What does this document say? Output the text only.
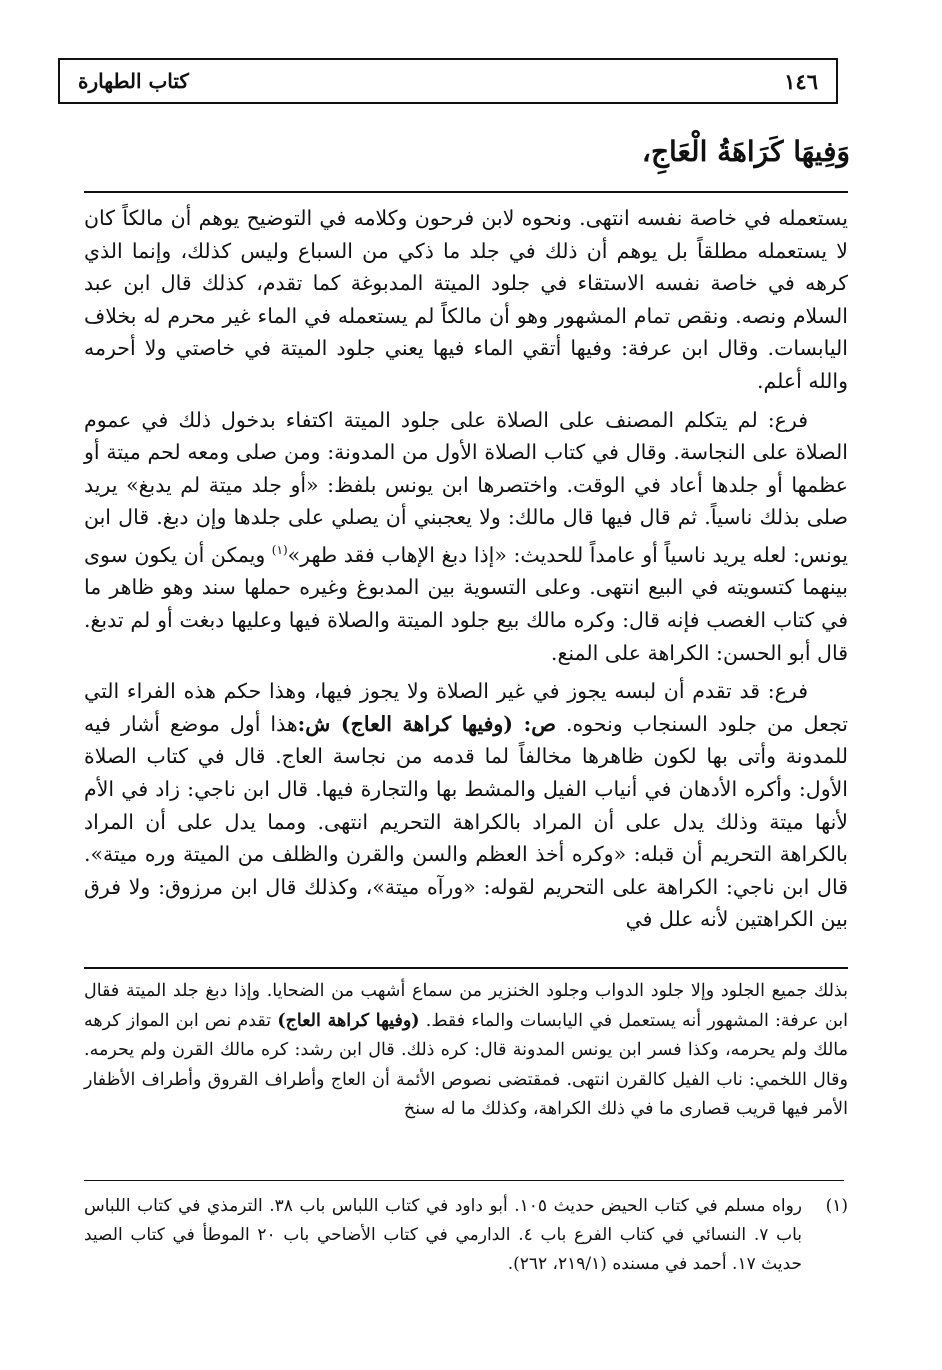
كتاب الطهارة	١٤٦
وَفِيهَا كَرَاهَةُ الْعَاجِ،

يستعمله في خاصة نفسه انتهى. ونحوه لابن فرحون وكلامه في التوضيح يوهم أن مالكاً كان لا يستعمله مطلقاً بل يوهم أن ذلك في جلد ما ذكي من السباع وليس كذلك، وإنما الذي كرهه في خاصة نفسه الاستقاء في جلود الميتة المدبوغة كما تقدم، كذلك قال ابن عبد السلام ونصه. ونقص تمام المشهور وهو أن مالكاً لم يستعمله في الماء غير محرم له بخلاف اليابسات. وقال ابن عرفة: وفيها أتقي الماء فيها يعني جلود الميتة في خاصتي ولا أحرمه والله أعلم.

فرع: لم يتكلم المصنف على الصلاة على جلود الميتة اكتفاء بدخول ذلك في عموم الصلاة على النجاسة. وقال في كتاب الصلاة الأول من المدونة: ومن صلى ومعه لحم ميتة أو عظمها أو جلدها أعاد في الوقت. واختصرها ابن يونس بلفظ: «أو جلد ميتة لم يدبغ» يريد صلى بذلك ناسياً. ثم قال فيها قال مالك: ولا يعجبني أن يصلي على جلدها وإن دبغ. قال ابن يونس: لعله يريد ناسياً أو عامداً للحديث: «إذا دبغ الإهاب فقد طهر»$^{(١)}$ ويمكن أن يكون سوى بينهما كتسويته في البيع انتهى. وعلى التسوية بين المدبوغ وغيره حملها سند وهو ظاهر ما في كتاب الغصب فإنه قال: وكره مالك بيع جلود الميتة والصلاة فيها وعليها دبغت أو لم تدبغ. قال أبو الحسن: الكراهة على المنع.

فرع: قد تقدم أن لبسه يجوز في غير الصلاة ولا يجوز فيها، وهذا حكم هذه الفراء التي تجعل من جلود السنجاب ونحوه. ص: (وفيها كراهة العاج) ش:هذا أول موضع أشار فيه للمدونة وأتى بها لكون ظاهرها مخالفاً لما قدمه من نجاسة العاج. قال في كتاب الصلاة الأول: وأكره الأدهان في أنياب الفيل والمشط بها والتجارة فيها. قال ابن ناجي: زاد في الأم لأنها ميتة وذلك يدل على أن المراد بالكراهة التحريم انتهى. ومما يدل على أن المراد بالكراهة التحريم أن قبله: «وكره أخذ العظم والسن والقرن والظلف من الميتة وره ميتة». قال ابن ناجي: الكراهة على التحريم لقوله: «ورآه ميتة»، وكذلك قال ابن مرزوق: ولا فرق بين الكراهتين لأنه علل في

بذلك جميع الجلود وإلا جلود الدواب وجلود الخنزير من سماع أشهب من الضحايا. وإذا دبغ جلد الميتة فقال ابن عرفة: المشهور أنه يستعمل في اليابسات والماء فقط. (وفيها كراهة العاج) تقدم نص ابن المواز كرهه مالك ولم يحرمه، وكذا فسر ابن يونس المدونة قال: كره ذلك. قال ابن رشد: كره مالك القرن ولم يحرمه. وقال اللخمي: ناب الفيل كالقرن انتهى. فمقتضى نصوص الأئمة أن العاج وأطراف القروق وأطراف الأظفار الأمر فيها قريب قصارى ما في ذلك الكراهة، وكذلك ما له سنخ

(١)رواه مسلم في كتاب الحيض حديث ١٠٥. أبو داود في كتاب اللباس باب ٣٨. الترمذي في كتاب اللباس باب ٧. النسائي في كتاب الفرع باب ٤. الدارمي في كتاب الأضاحي باب ٢٠ الموطأ في كتاب الصيد حديث ١٧. أحمد في مسنده (٢١٩/١، ٢٦٢).
